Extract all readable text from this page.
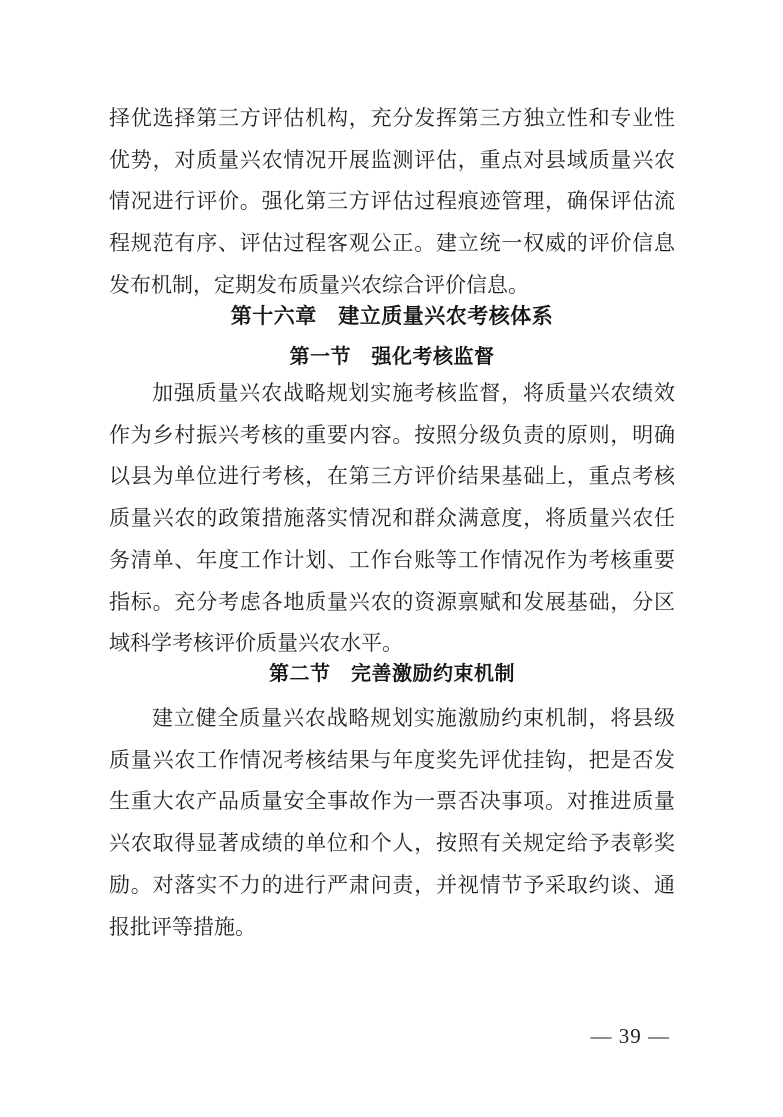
择优选择第三方评估机构，充分发挥第三方独立性和专业性
优势，对质量兴农情况开展监测评估，重点对县域质量兴农
情况进行评价。强化第三方评估过程痕迹管理，确保评估流
程规范有序、评估过程客观公正。建立统一权威的评价信息
发布机制，定期发布质量兴农综合评价信息。
第十六章　建立质量兴农考核体系
第一节　强化考核监督
加强质量兴农战略规划实施考核监督，将质量兴农绩效
作为乡村振兴考核的重要内容。按照分级负责的原则，明确
以县为单位进行考核，在第三方评价结果基础上，重点考核
质量兴农的政策措施落实情况和群众满意度，将质量兴农任
务清单、年度工作计划、工作台账等工作情况作为考核重要
指标。充分考虑各地质量兴农的资源禀赋和发展基础，分区
域科学考核评价质量兴农水平。
第二节　完善激励约束机制
建立健全质量兴农战略规划实施激励约束机制，将县级
质量兴农工作情况考核结果与年度奖先评优挂钩，把是否发
生重大农产品质量安全事故作为一票否决事项。对推进质量
兴农取得显著成绩的单位和个人，按照有关规定给予表彰奖
励。对落实不力的进行严肃问责，并视情节予采取约谈、通
报批评等措施。
— 39 —
